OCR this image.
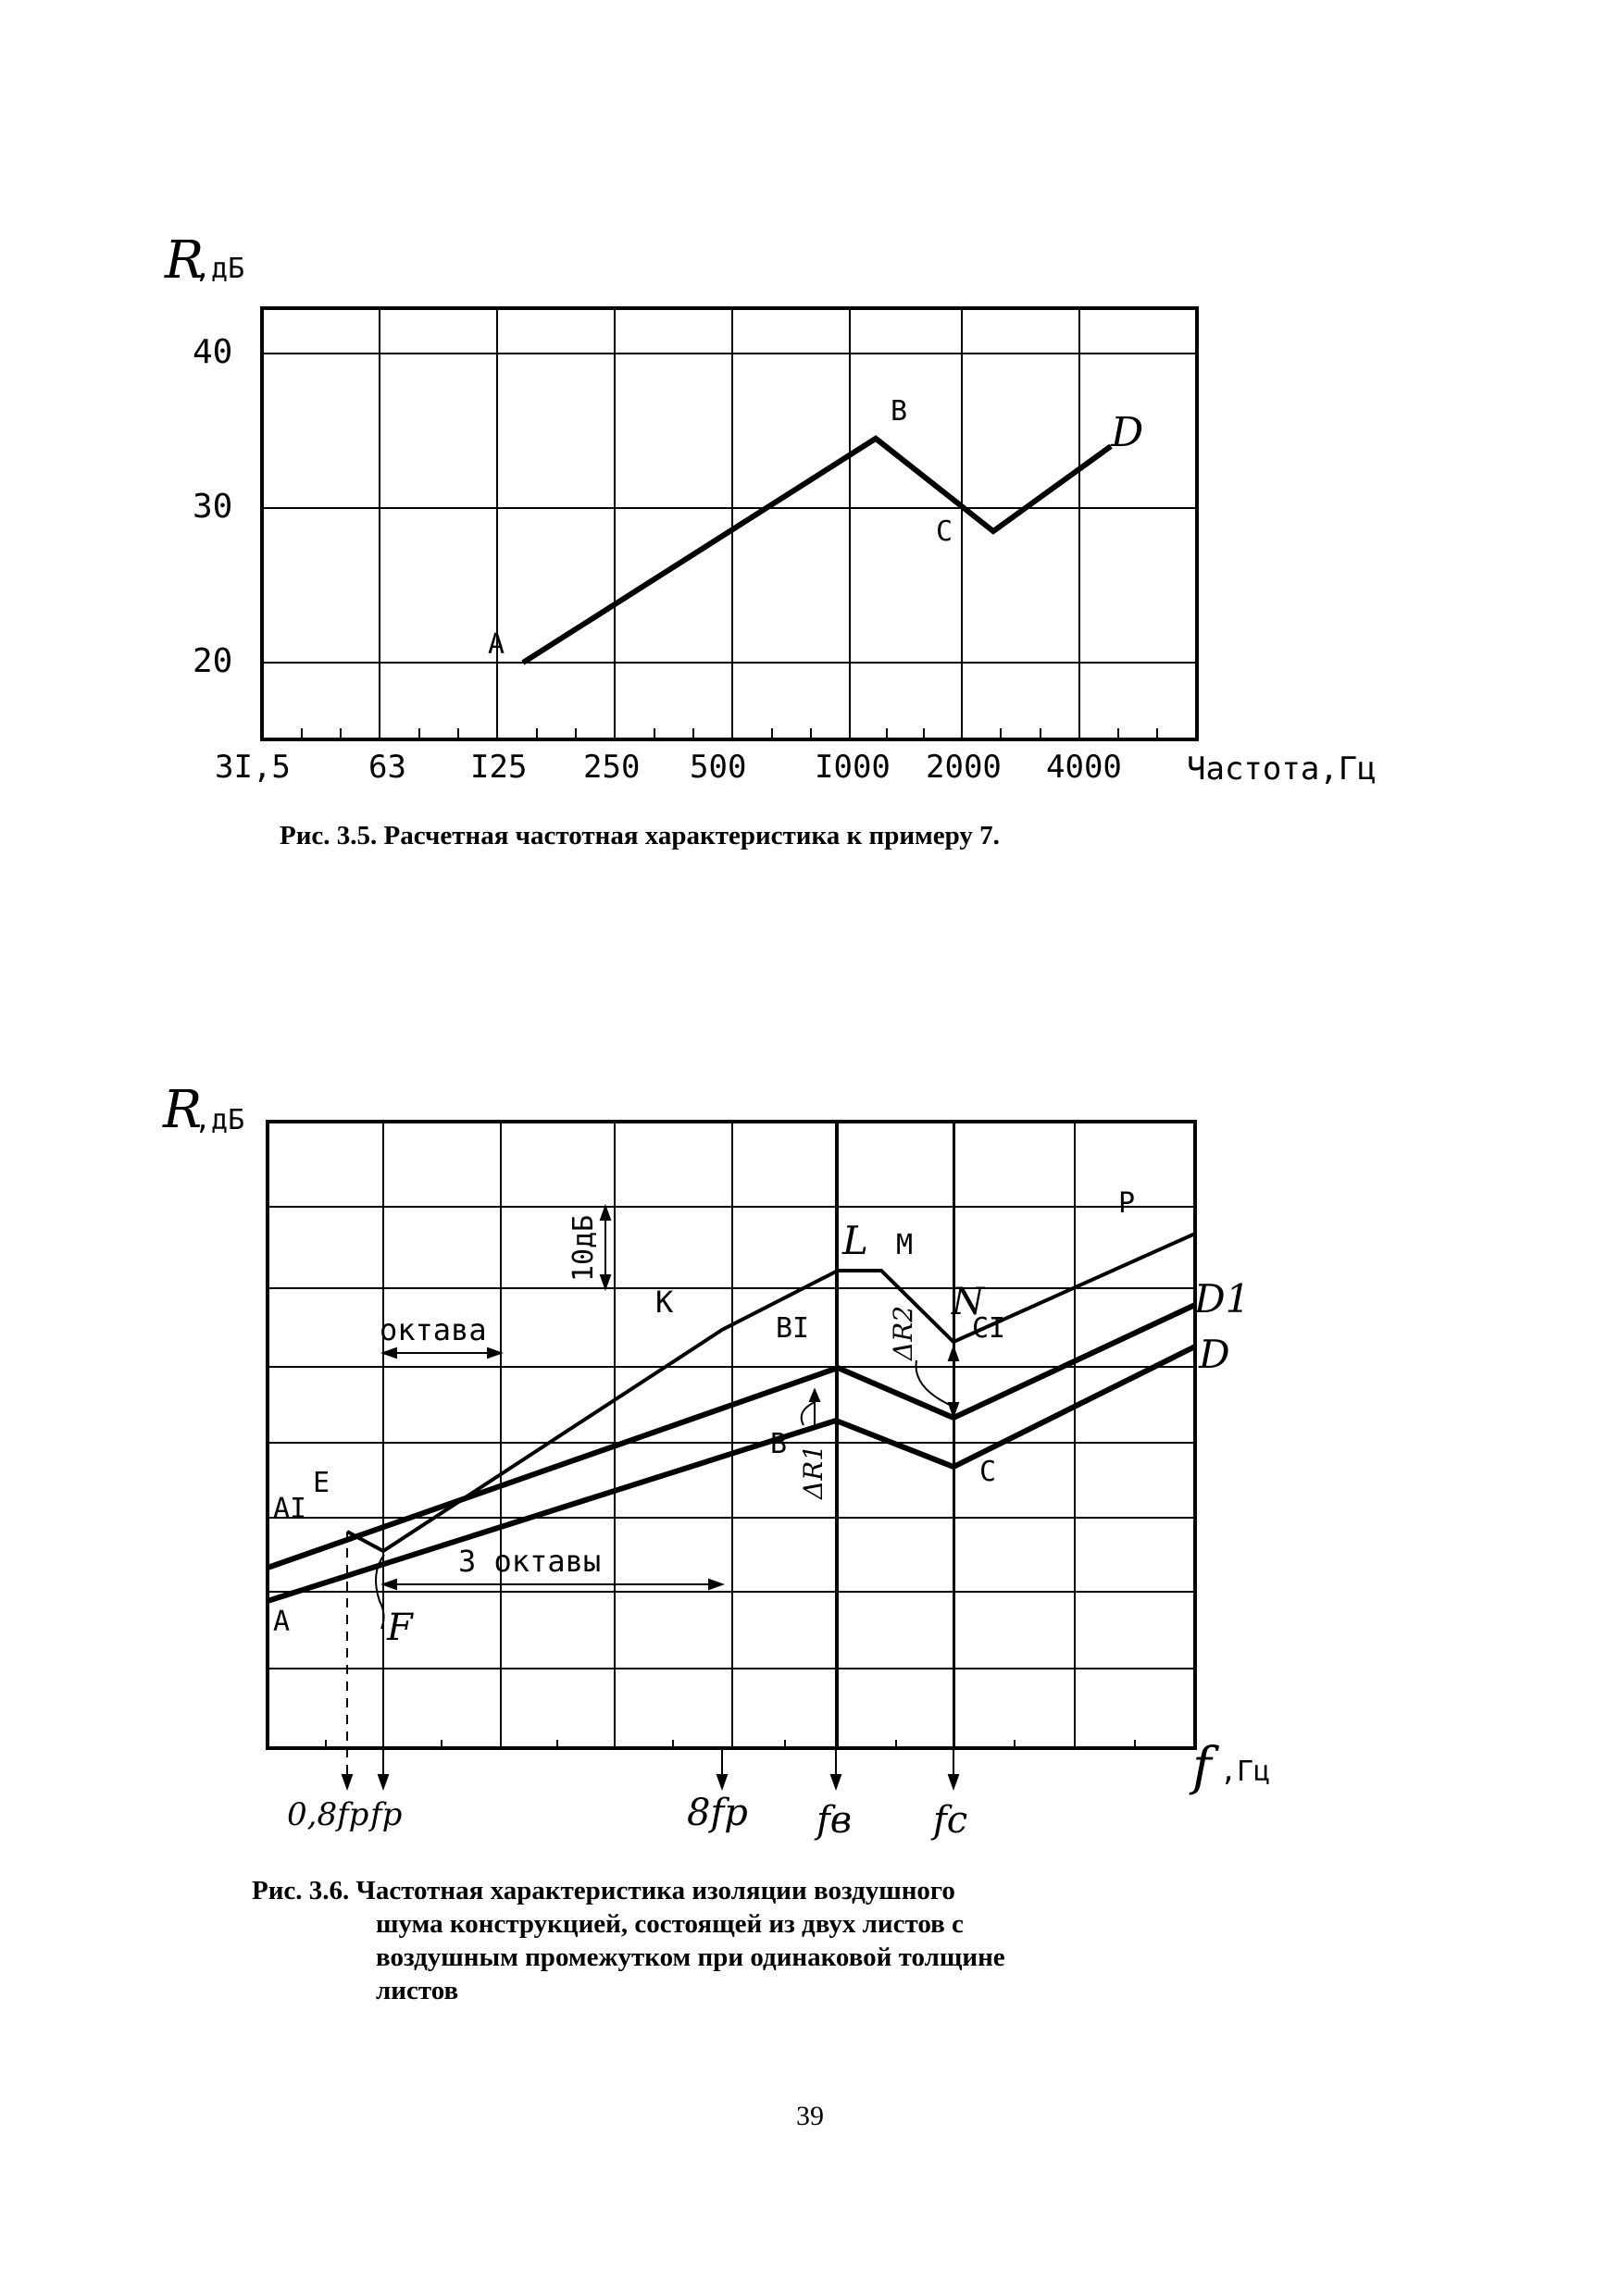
A
B
C
D
R
,дБ
40
30
20
3I,5 63 I25 250 500 I000 2000 4000 Частота,Гц
R
,дБ
f ,Гц
0,8fp fp	8fp fв fc
10дБ
октава
3 октавы
A
AI
E
F
K
L M
N
P
B
BI
C
CI
D1
D
ΔR1
ΔR2
Рис. 3.5. Расчетная частотная характеристика к примеру 7.
Рис. 3.6. Частотная характеристика изоляции воздушного
шума конструкцией, состоящей из двух листов с
воздушным промежутком при одинаковой толщине
листов
39
